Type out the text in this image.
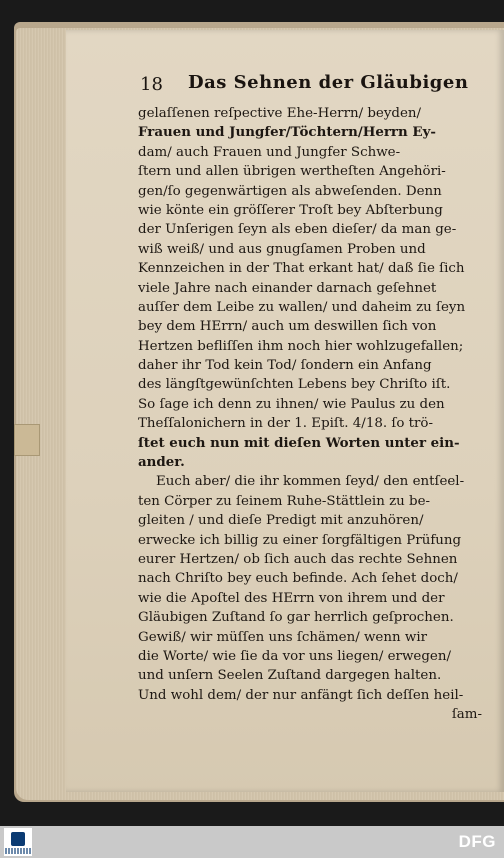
18 Das Sehnen der Gläubigen
gelaſſenen reſpective Ehe-Herrn/ beyden/
Frauen und Jungfer/Töchtern/Herrn Ey-
dam/ auch Frauen und Jungfer Schwe-
ſtern und allen übrigen wertheſten Angehöri-
gen/ſo gegenwärtigen als abweſenden. Denn
wie könte ein gröſſerer Troſt bey Abſterbung
der Unſerigen ſeyn als eben dieſer/ da man ge-
wiß weiß/ und aus gnugſamen Proben und
Kennzeichen in der That erkant hat/ daß ſie ſich
viele Jahre nach einander darnach geſehnet
auſſer dem Leibe zu wallen/ und daheim zu ſeyn
bey dem HErrn/ auch um deswillen ſich von
Hertzen befliſſen ihm noch hier wohlzugefallen;
daher ihr Tod kein Tod/ ſondern ein Anfang
des längſtgewünſchten Lebens bey Chriſto iſt.
So ſage ich denn zu ihnen/ wie Paulus zu den
Theſſalonichern in der 1. Epiſt. 4/18. ſo trö-
ſtet euch nun mit dieſen Worten unter ein-
ander.
Euch aber/ die ihr kommen ſeyd/ den entſeel-
ten Cörper zu ſeinem Ruhe-Stättlein zu be-
gleiten / und dieſe Predigt mit anzuhören/
erwecke ich billig zu einer ſorgfältigen Prüfung
eurer Hertzen/ ob ſich auch das rechte Sehnen
nach Chriſto bey euch befinde. Ach ſehet doch/
wie die Apoſtel des HErrn von ihrem und der
Gläubigen Zuſtand ſo gar herrlich geſprochen.
Gewiß/ wir müſſen uns ſchämen/ wenn wir
die Worte/ wie ſie da vor uns liegen/ erwegen/
und unſern Seelen Zuſtand dargegen halten.
Und wohl dem/ der nur anfängt ſich deſſen heil-
ſam-
DFG
